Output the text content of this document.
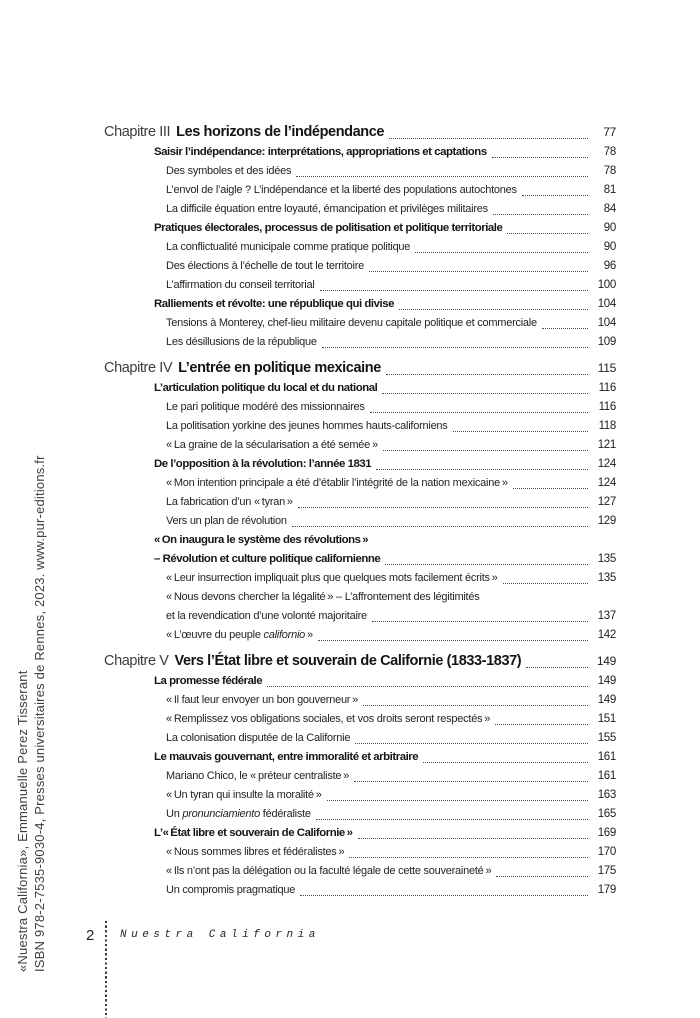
«Nuestra California», Emmanuelle Perez Tisserant ISBN 978-2-7535-9030-4, Presses universitaires de Rennes, 2023. www.pur-editions.fr
Chapitre III Les horizons de l’indépendance	77
Saisir l’indépendance: interprétations, appropriations et captations	78
Des symboles et des idées	78
L’envol de l’aigle ? L’indépendance et la liberté des populations autochtones	81
La difficile équation entre loyauté, émancipation et privilèges militaires	84
Pratiques électorales, processus de politisation et politique territoriale	90
La conflictualité municipale comme pratique politique	90
Des élections à l’échelle de tout le territoire	96
L’affirmation du conseil territorial	100
Ralliements et révolte: une république qui divise	104
Tensions à Monterey, chef-lieu militaire devenu capitale politique et commerciale	104
Les désillusions de la république	109
Chapitre IV L’entrée en politique mexicaine	115
L’articulation politique du local et du national	116
Le pari politique modéré des missionnaires	116
La politisation yorkine des jeunes hommes hauts-californiens	118
« La graine de la sécularisation a été semée »	121
De l’opposition à la révolution: l’année 1831	124
« Mon intention principale a été d’établir l’intégrité de la nation mexicaine »	124
La fabrication d’un « tyran »	127
Vers un plan de révolution	129
« On inaugura le système des révolutions »
– Révolution et culture politique californienne	135
« Leur insurrection impliquait plus que quelques mots facilement écrits »	135
« Nous devons chercher la légalité » – L’affrontement des légitimités
et la revendication d’une volonté majoritaire	137
« L’œuvre du peuple californio »	142
Chapitre V Vers l’État libre et souverain de Californie (1833-1837)	149
La promesse fédérale	149
« Il faut leur envoyer un bon gouverneur »	149
« Remplissez vos obligations sociales, et vos droits seront respectés »	151
La colonisation disputée de la Californie	155
Le mauvais gouvernant, entre immoralité et arbitraire	161
Mariano Chico, le « préteur centraliste »	161
« Un tyran qui insulte la moralité »	163
Un pronunciamiento fédéraliste	165
L’« État libre et souverain de Californie »	169
« Nous sommes libres et fédéralistes »	170
« Ils n’ont pas la délégation ou la faculté légale de cette souveraineté »	175
Un compromis pragmatique	179
2 Nuestra California
